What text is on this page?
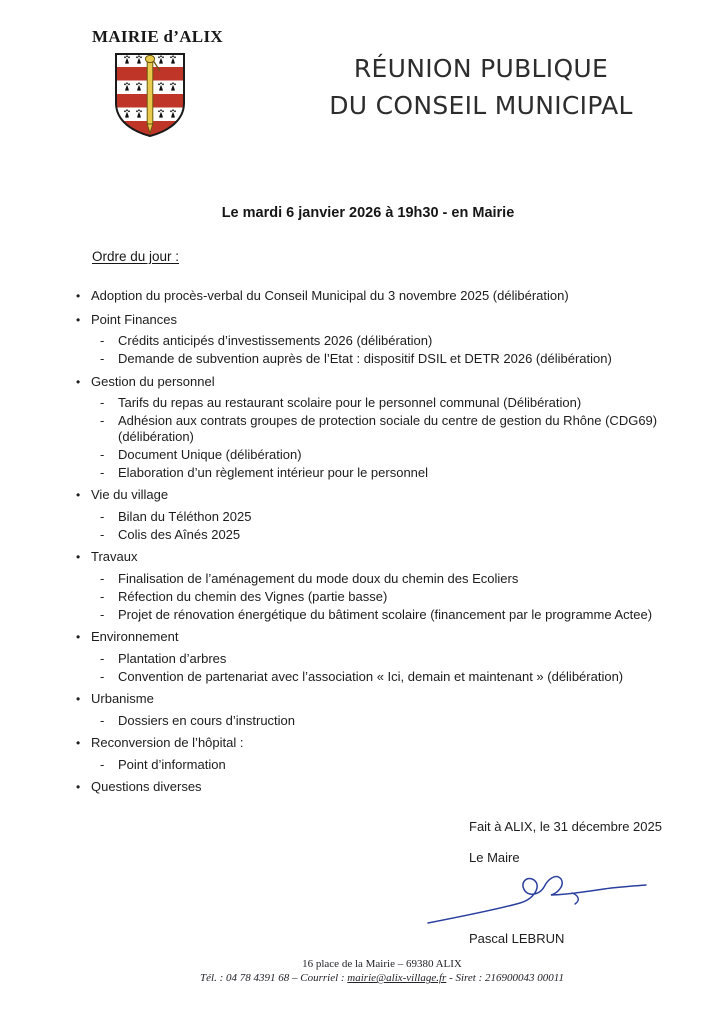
MAIRIE d’ALIX
RÉUNION PUBLIQUE
DU CONSEIL MUNICIPAL
Le mardi 6 janvier 2026 à 19h30 - en Mairie
Ordre du jour :
•
Adoption du procès-verbal du Conseil Municipal du 3 novembre 2025 (délibération)
•
Point Finances
-
Crédits anticipés d’investissements 2026 (délibération)
-
Demande de subvention auprès de l’Etat : dispositif DSIL et DETR 2026 (délibération)
•
Gestion du personnel
-
Tarifs du repas au restaurant scolaire pour le personnel communal (Délibération)
-
Adhésion aux contrats groupes de protection sociale du centre de gestion du Rhône (CDG69) (délibération)
-
Document Unique (délibération)
-
Elaboration d’un règlement intérieur pour le personnel
•
Vie du village
-
Bilan du Téléthon 2025
-
Colis des Aînés 2025
•
Travaux
-
Finalisation de l’aménagement du mode doux du chemin des Ecoliers
-
Réfection du chemin des Vignes (partie basse)
-
Projet de rénovation énergétique du bâtiment scolaire (financement par le programme Actee)
•
Environnement
-
Plantation d’arbres
-
Convention de partenariat avec l’association « Ici, demain et maintenant » (délibération)
•
Urbanisme
-
Dossiers en cours d’instruction
•
Reconversion de l’hôpital :
-
Point d’information
•
Questions diverses
Fait à ALIX, le 31 décembre 2025
Le Maire
Pascal LEBRUN
16 place de la Mairie – 69380 ALIX
Tél. : 04 78 4391 68 – Courriel : mairie@alix-village.fr - Siret : 216900043 00011
